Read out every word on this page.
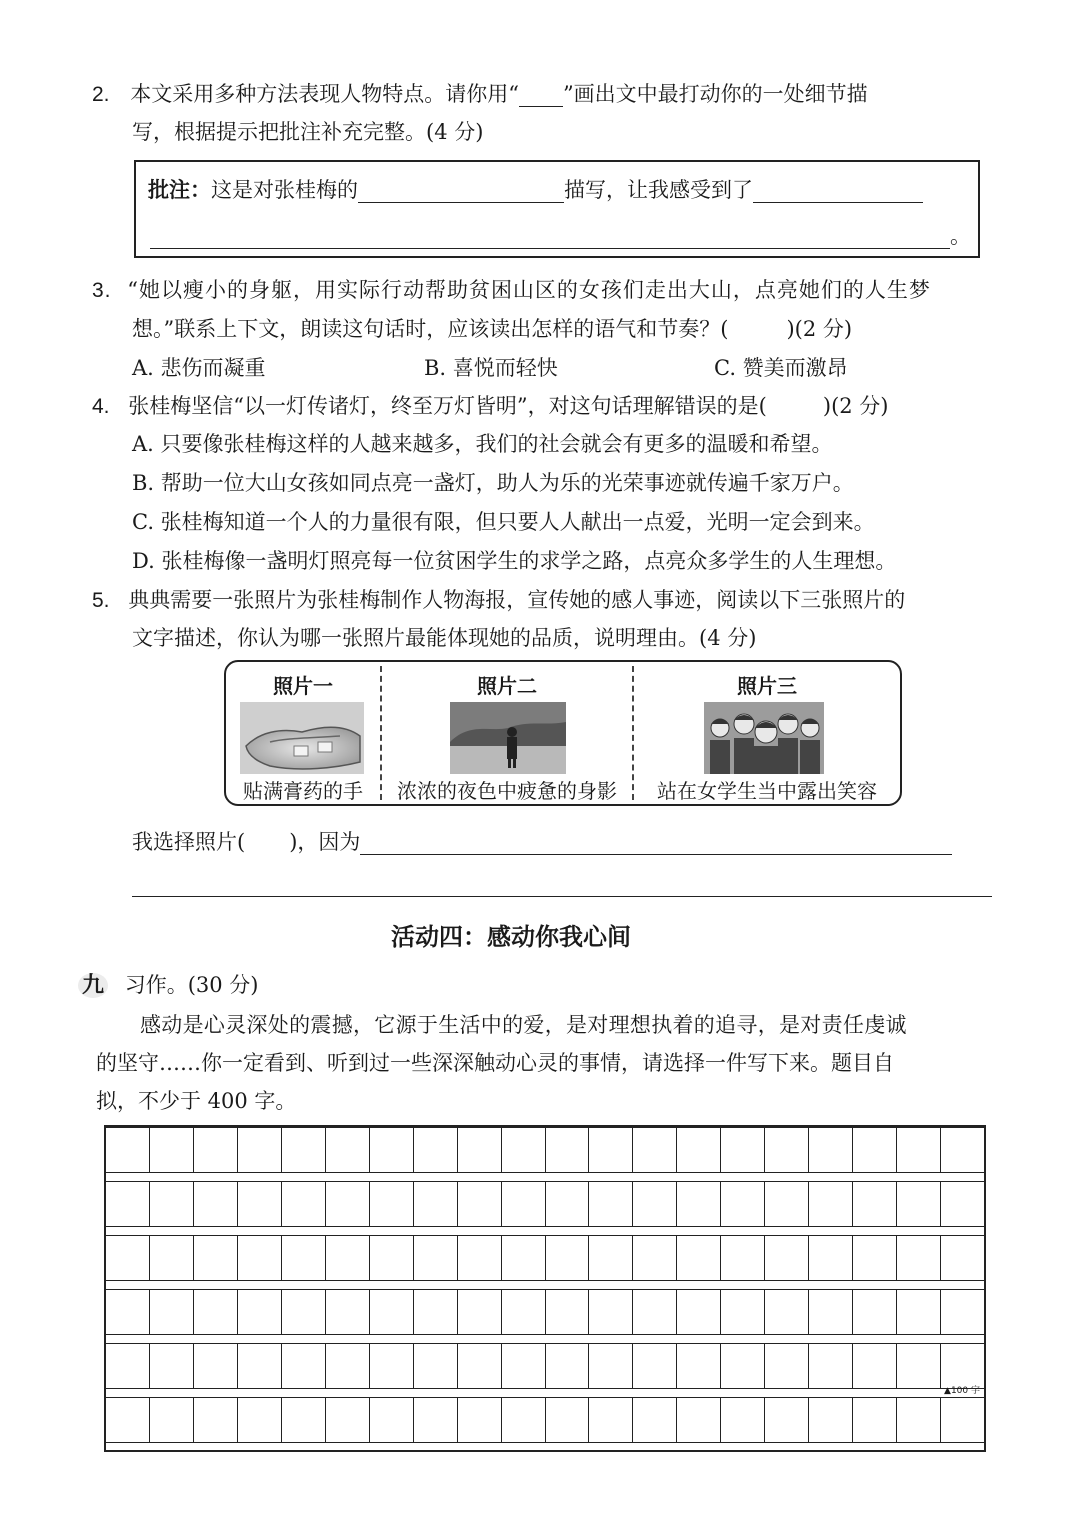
2. 本文采用多种方法表现人物特点。请你用“ ”画出文中最打动你的一处细节描
写，根据提示把批注补充完整。(4 分)
批注：这是对张桂梅的	描写，让我感受到了
。
3. “她以瘦小的身躯，用实际行动帮助贫困山区的女孩们走出大山，点亮她们的人生梦
想。”联系上下文，朗读这句话时，应该读出怎样的语气和节奏？(	)(2 分)
A. 悲伤而凝重	B. 喜悦而轻快	C. 赞美而激昂
4. 张桂梅坚信“以一灯传诸灯，终至万灯皆明”，对这句话理解错误的是(	)(2 分)
A. 只要像张桂梅这样的人越来越多，我们的社会就会有更多的温暖和希望。
B. 帮助一位大山女孩如同点亮一盏灯，助人为乐的光荣事迹就传遍千家万户。
C. 张桂梅知道一个人的力量很有限，但只要人人献出一点爱，光明一定会到来。
D. 张桂梅像一盏明灯照亮每一位贫困学生的求学之路，点亮众多学生的人生理想。
5. 典典需要一张照片为张桂梅制作人物海报，宣传她的感人事迹，阅读以下三张照片的
文字描述，你认为哪一张照片最能体现她的品质，说明理由。(4 分)
照片一
贴满膏药的手
照片二
浓浓的夜色中疲惫的身影
照片三
站在女学生当中露出笑容
我选择照片( )，因为
活动四：感动你我心间
九 习作。(30 分)
感动是心灵深处的震撼，它源于生活中的爱，是对理想执着的追寻，是对责任虔诚
的坚守……你一定看到、听到过一些深深触动心灵的事情，请选择一件写下来。题目自
拟，不少于 400 字。
▲100 字
